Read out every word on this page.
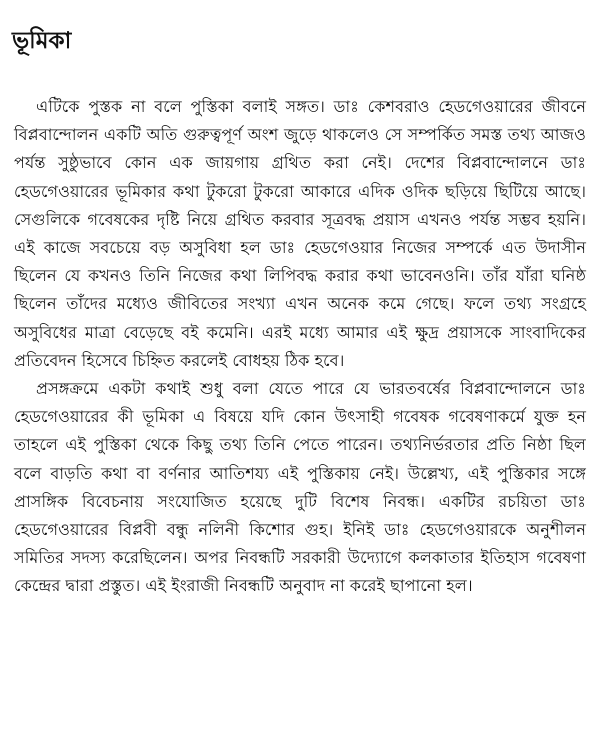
ভূমিকা

এটিকে পুস্তক না বলে পুস্তিকা বলাই সঙ্গত। ডাঃ কেশবরাও হেডগেওয়ারের জীবনে বিপ্লবান্দোলন একটি অতি গুরুত্বপূর্ণ অংশ জুড়ে থাকলেও সে সম্পর্কিত সমস্ত তথ্য আজও পর্যন্ত সুষ্ঠুভাবে কোন এক জায়গায় গ্রথিত করা নেই। দেশের বিপ্লবান্দোলনে ডাঃ হেডগেওয়ারের ভূমিকার কথা টুকরো টুকরো আকারে এদিক ওদিক ছড়িয়ে ছিটিয়ে আছে। সেগুলিকে গবেষকের দৃষ্টি নিয়ে গ্রথিত করবার সূত্রবদ্ধ প্রয়াস এখনও পর্যন্ত সম্ভব হয়নি। এই কাজে সবচেয়ে বড় অসুবিধা হল ডাঃ হেডগেওয়ার নিজের সম্পর্কে এত উদাসীন ছিলেন যে কখনও তিনি নিজের কথা লিপিবদ্ধ করার কথা ভাবেনওনি। তাঁর যাঁরা ঘনিষ্ঠ ছিলেন তাঁদের মধ্যেও জীবিতের সংখ্যা এখন অনেক কমে গেছে। ফলে তথ্য সংগ্রহে অসুবিধের মাত্রা বেড়েছে বই কমেনি। এরই মধ্যে আমার এই ক্ষুদ্র প্রয়াসকে সাংবাদিকের প্রতিবেদন হিসেবে চিহ্নিত করলেই বোধহয় ঠিক হবে।

প্রসঙ্গক্রমে একটা কথাই শুধু বলা যেতে পারে যে ভারতবর্ষের বিপ্লবান্দোলনে ডাঃ হেডগেওয়ারের কী ভূমিকা এ বিষয়ে যদি কোন উৎসাহী গবেষক গবেষণাকর্মে যুক্ত হন তাহলে এই পুস্তিকা থেকে কিছু তথ্য তিনি পেতে পারেন। তথ্যনির্ভরতার প্রতি নিষ্ঠা ছিল বলে বাড়তি কথা বা বর্ণনার আতিশয্য এই পুস্তিকায় নেই। উল্লেখ্য, এই পুস্তিকার সঙ্গে প্রাসঙ্গিক বিবেচনায় সংযোজিত হয়েছে দুটি বিশেষ নিবন্ধ। একটির রচয়িতা ডাঃ হেডগেওয়ারের বিপ্লবী বন্ধু নলিনী কিশোর গুহ। ইনিই ডাঃ হেডগেওয়ারকে অনুশীলন সমিতির সদস্য করেছিলেন। অপর নিবন্ধটি সরকারী উদ্যোগে কলকাতার ইতিহাস গবেষণা কেন্দ্রের দ্বারা প্রস্তুত। এই ইংরাজী নিবন্ধটি অনুবাদ না করেই ছাপানো হল।
